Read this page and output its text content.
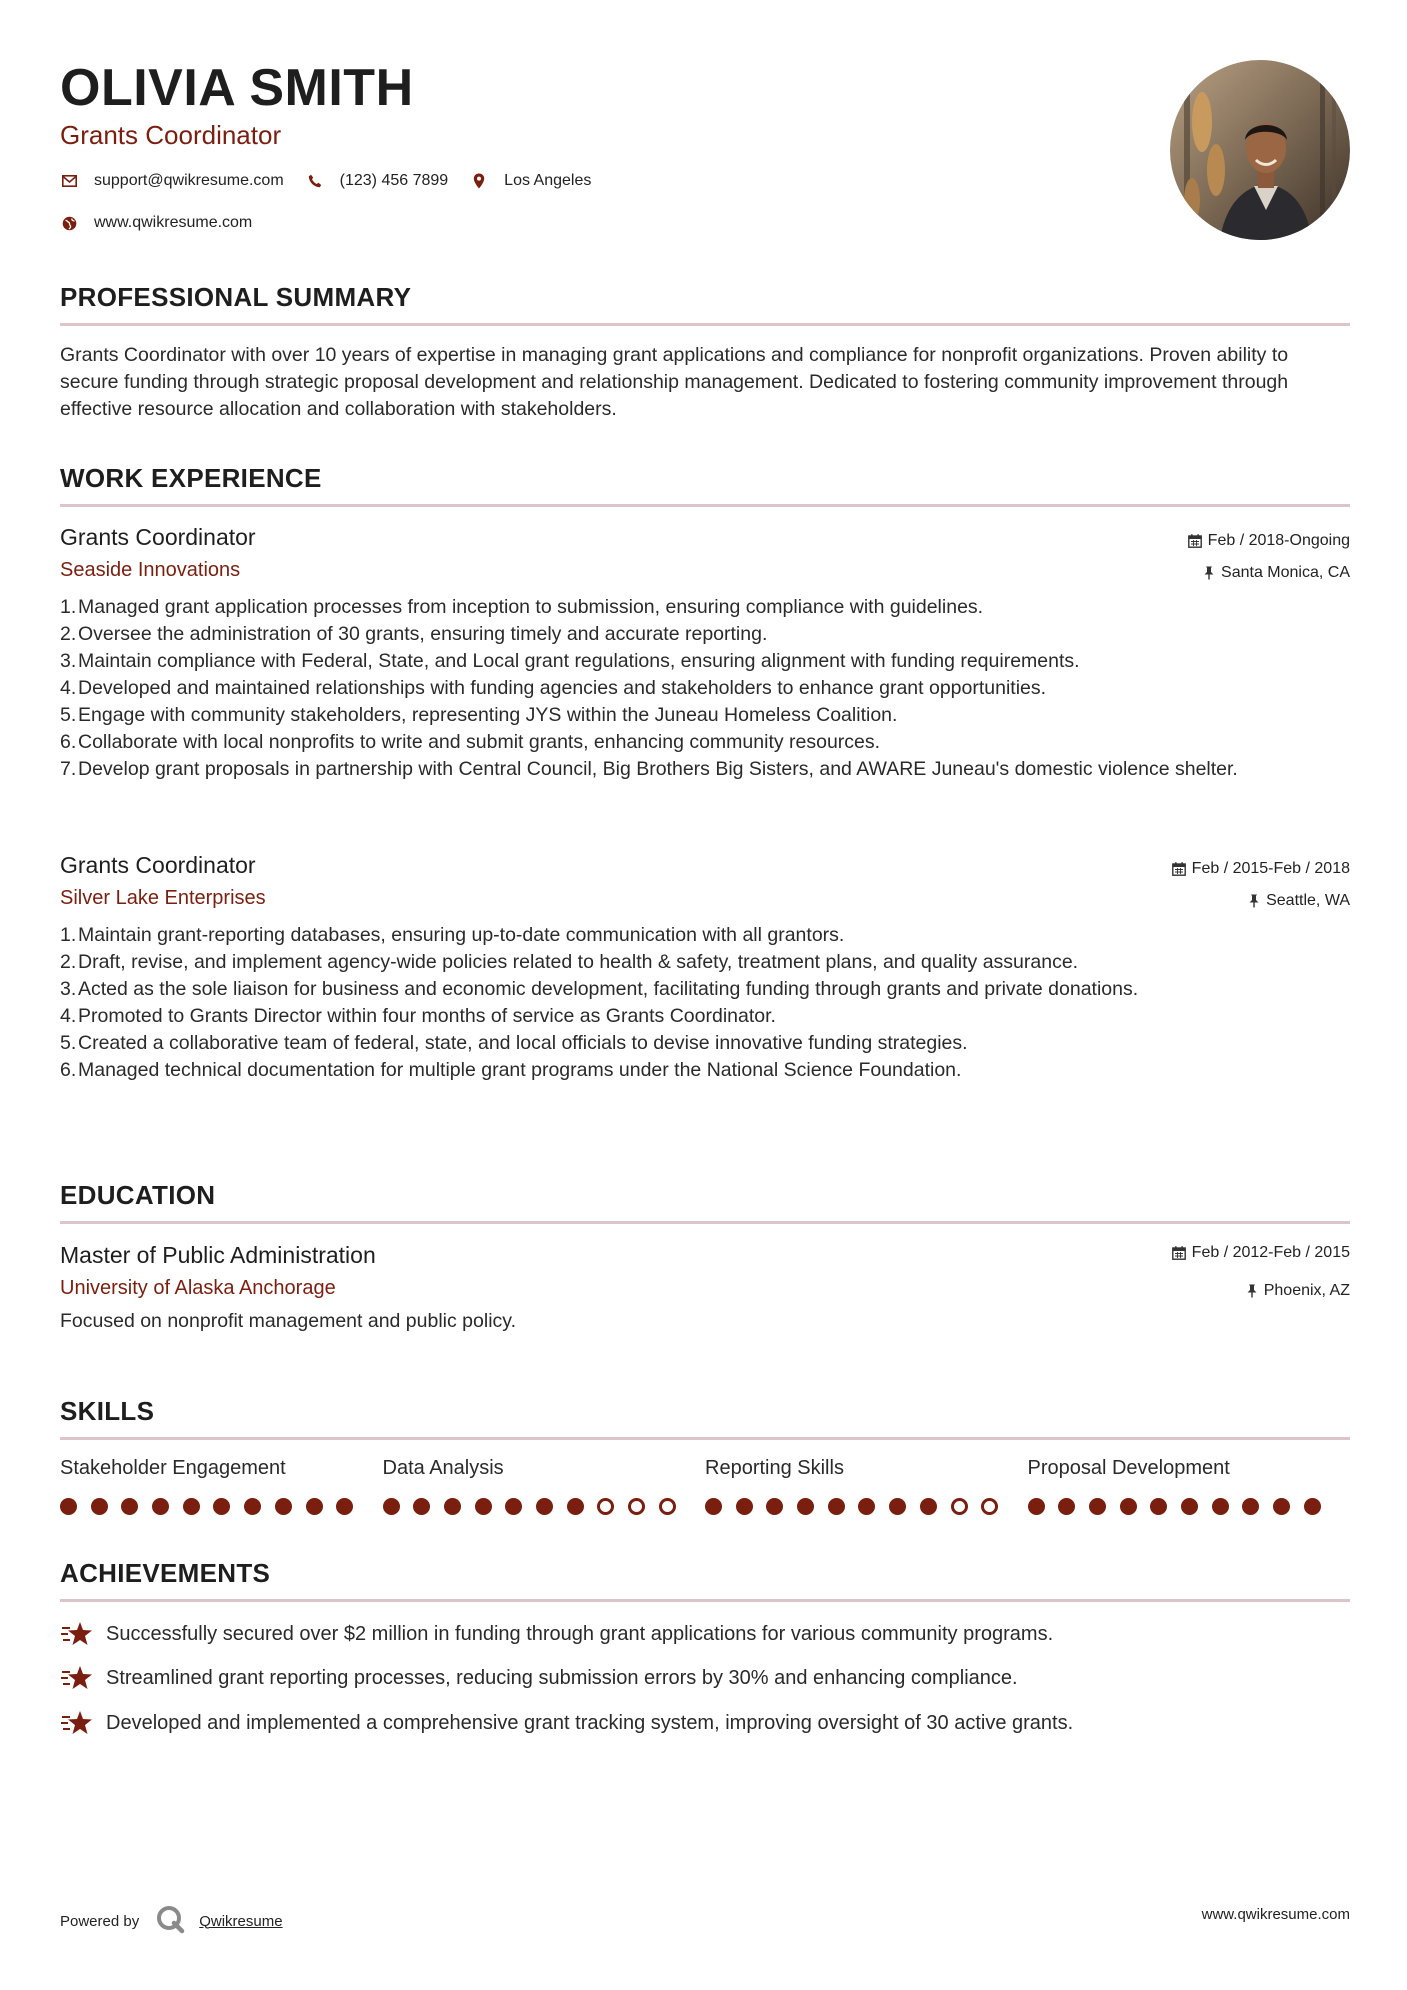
OLIVIA SMITH
Grants Coordinator
support@qwikresume.com	(123) 456 7899	Los Angeles
www.qwikresume.com
PROFESSIONAL SUMMARY
Grants Coordinator with over 10 years of expertise in managing grant applications and compliance for nonprofit organizations. Proven ability to secure funding through strategic proposal development and relationship management. Dedicated to fostering community improvement through effective resource allocation and collaboration with stakeholders.
WORK EXPERIENCE
Grants Coordinator
Seaside Innovations
Feb / 2018-Ongoing
Santa Monica, CA
1. Managed grant application processes from inception to submission, ensuring compliance with guidelines.
2. Oversee the administration of 30 grants, ensuring timely and accurate reporting.
3. Maintain compliance with Federal, State, and Local grant regulations, ensuring alignment with funding requirements.
4. Developed and maintained relationships with funding agencies and stakeholders to enhance grant opportunities.
5. Engage with community stakeholders, representing JYS within the Juneau Homeless Coalition.
6. Collaborate with local nonprofits to write and submit grants, enhancing community resources.
7. Develop grant proposals in partnership with Central Council, Big Brothers Big Sisters, and AWARE Juneau's domestic violence shelter.
Grants Coordinator
Silver Lake Enterprises
Feb / 2015-Feb / 2018
Seattle, WA
1. Maintain grant-reporting databases, ensuring up-to-date communication with all grantors.
2. Draft, revise, and implement agency-wide policies related to health & safety, treatment plans, and quality assurance.
3. Acted as the sole liaison for business and economic development, facilitating funding through grants and private donations.
4. Promoted to Grants Director within four months of service as Grants Coordinator.
5. Created a collaborative team of federal, state, and local officials to devise innovative funding strategies.
6. Managed technical documentation for multiple grant programs under the National Science Foundation.
EDUCATION
Master of Public Administration
University of Alaska Anchorage
Feb / 2012-Feb / 2015
Phoenix, AZ
Focused on nonprofit management and public policy.
SKILLS
Stakeholder Engagement	Data Analysis	Reporting Skills	Proposal Development
ACHIEVEMENTS
Successfully secured over $2 million in funding through grant applications for various community programs.
Streamlined grant reporting processes, reducing submission errors by 30% and enhancing compliance.
Developed and implemented a comprehensive grant tracking system, improving oversight of 30 active grants.
Powered by	Qwikresume	www.qwikresume.com
